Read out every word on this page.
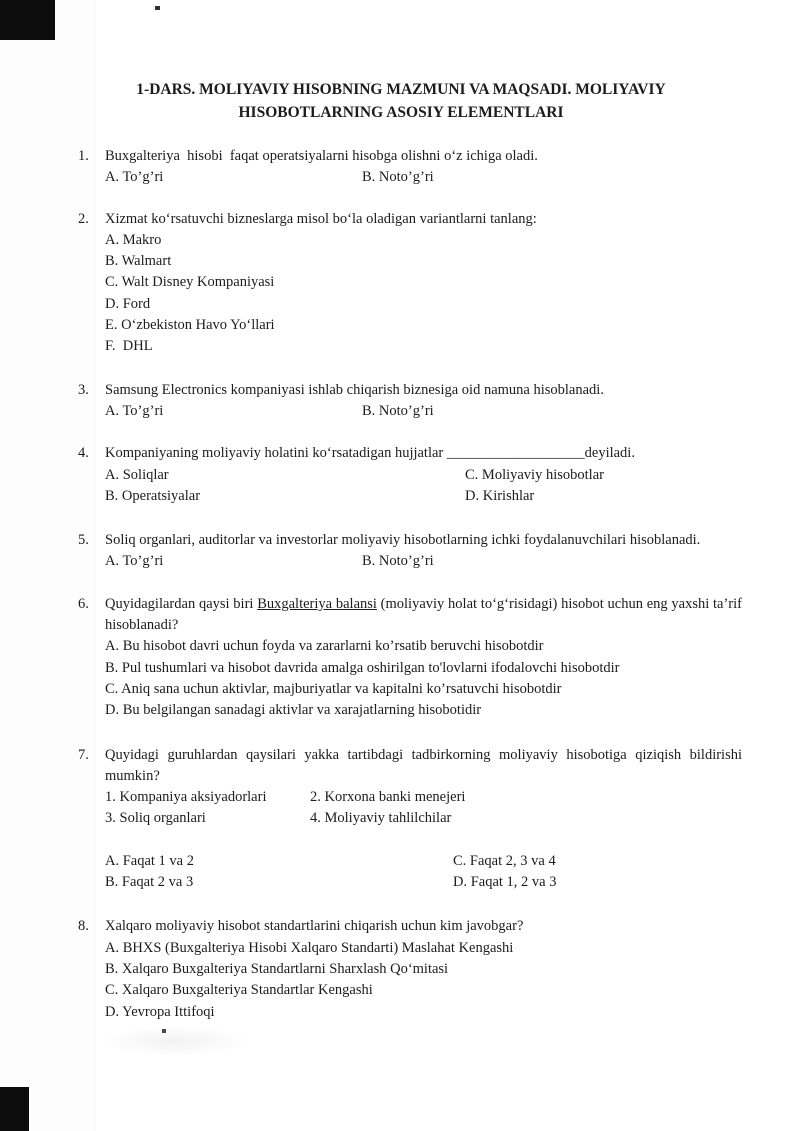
1-DARS. MOLIYAVIY HISOBNING MAZMUNI VA MAQSADI. MOLIYAVIY
HISOBOTLARNING ASOSIY ELEMENTLARI
1.	Buxgalteriya  hisobi  faqat operatsiyalarni hisobga olishni oʻz ichiga oladi.
A. To’g’ri	B. Noto’g’ri
2.	Xizmat koʻrsatuvchi bizneslarga misol boʻla oladigan variantlarni tanlang:
A. Makro
B. Walmart
C. Walt Disney Kompaniyasi
D. Ford
E. Oʻzbekiston Havo Yoʻllari
F.  DHL
3.	Samsung Electronics kompaniyasi ishlab chiqarish biznesiga oid namuna hisoblanadi.
A. To’g’ri	B. Noto’g’ri
4.	Kompaniyaning moliyaviy holatini koʻrsatadigan hujjatlar ___________________deyiladi.
A. Soliqlar	C. Moliyaviy hisobotlar
B. Operatsiyalar	D. Kirishlar
5.	Soliq organlari, auditorlar va investorlar moliyaviy hisobotlarning ichki foydalanuvchilari hisoblanadi.
A. To’g’ri	B. Noto’g’ri
6.	Quyidagilardan qaysi biri Buxgalteriya balansi (moliyaviy holat toʻgʻrisidagi) hisobot uchun eng yaxshi ta’rif hisoblanadi?
A. Bu hisobot davri uchun foyda va zararlarni ko’rsatib beruvchi hisobotdir
B. Pul tushumlari va hisobot davrida amalga oshirilgan to'lovlarni ifodalovchi hisobotdir
C. Aniq sana uchun aktivlar, majburiyatlar va kapitalni ko’rsatuvchi hisobotdir
D. Bu belgilangan sanadagi aktivlar va xarajatlarning hisobotidir
7.	Quyidagi guruhlardan qaysilari yakka tartibdagi tadbirkorning moliyaviy hisobotiga qiziqish bildirishi mumkin?
1. Kompaniya aksiyadorlari	2. Korxona banki menejeri
3. Soliq organlari	4. Moliyaviy tahlilchilar
A. Faqat 1 va 2	C. Faqat 2, 3 va 4
B. Faqat 2 va 3	D. Faqat 1, 2 va 3
8.	Xalqaro moliyaviy hisobot standartlarini chiqarish uchun kim javobgar?
A. BHXS (Buxgalteriya Hisobi Xalqaro Standarti) Maslahat Kengashi
B. Xalqaro Buxgalteriya Standartlarni Sharxlash Qoʻmitasi
C. Xalqaro Buxgalteriya Standartlar Kengashi
D. Yevropa Ittifoqi
